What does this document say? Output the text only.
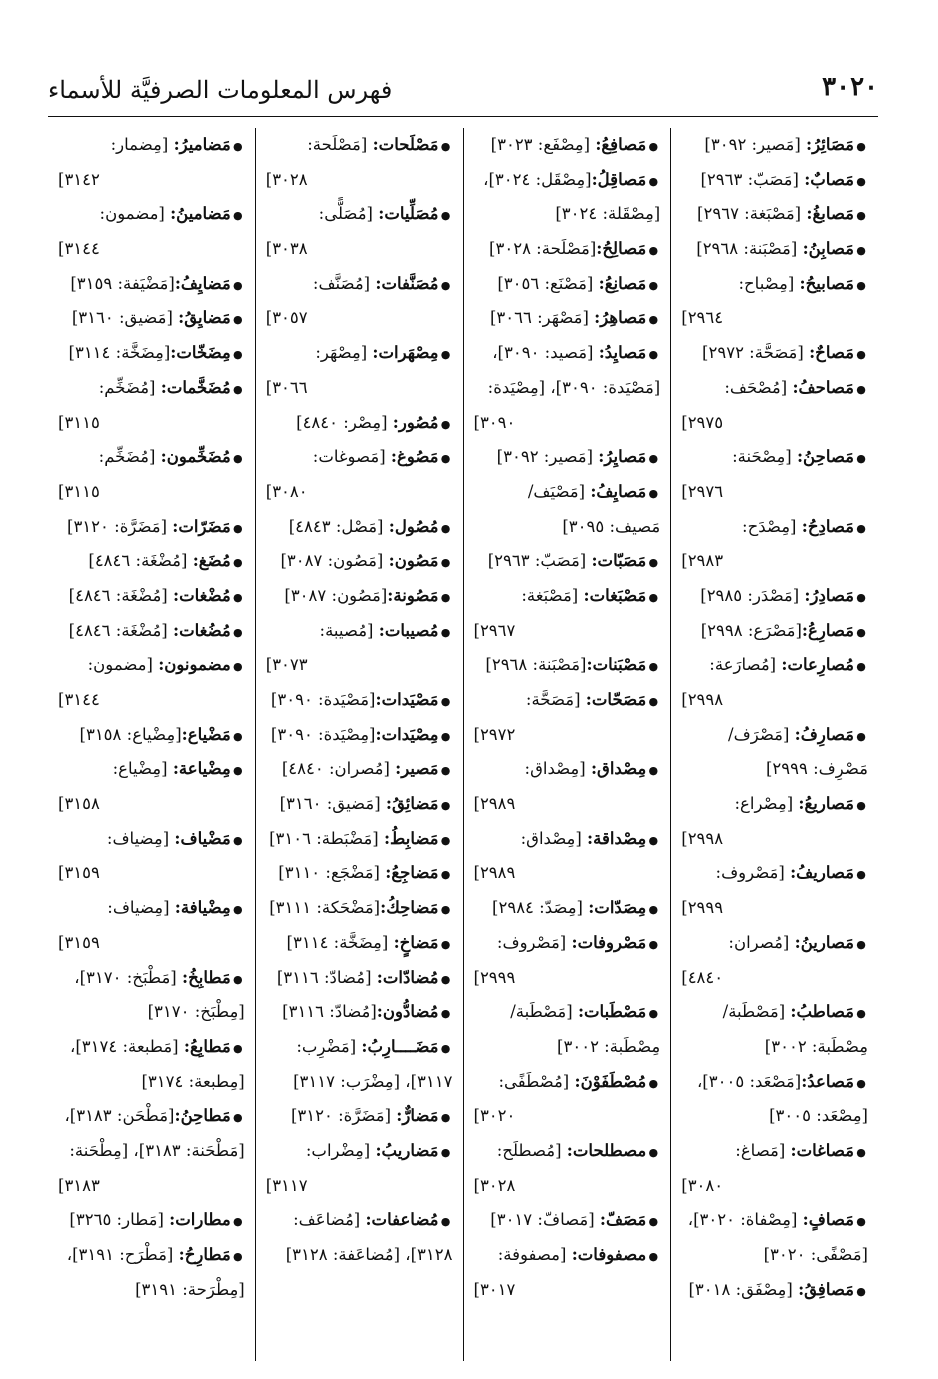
٣٠٢٠
فهرس المعلومات الصرفيَّة للأسماء
●مَصَائِرُ: [مَصير: ٣٠٩٢]
●مَصابٌ: [مَصَبّ: ٢٩٦٣]
●مَصابغُ: [مَصْبَغة: ٢٩٦٧]
●مَصابِنُ: [مَصْبَنة: ٢٩٦٨]
●مَصابيحُ: [مِصْباح:
٢٩٦٤]
●مَصاحٌ: [مَصَحَّة: ٢٩٧٢]
●مَصاحفُ: [مُصْحَف:
٢٩٧٥]
●مَصاحِنُ: [مِصْحَنة:
٢٩٧٦]
●مَصادِحُ: [مِصْدَح:
٢٩٨٣]
●مَصادِرُ: [مَصْدَر: ٢٩٨٥]
●مَصارِعُ:[مَصْرَع: ٢٩٩٨]
●مُصارِعات: [مُصارَعة:
٢٩٩٨]
●مَصارِفُ: [مَصْرَف/
مَصْرِف: ٢٩٩٩]
●مَصاريعُ: [مِصْراع:
٢٩٩٨]
●مَصاريفُ: [مَصْروف:
٢٩٩٩]
●مَصارينُ: [مُصران:
٤٨٤٠]
●مَصاطبُ: [مَصْطَبة/
مِصْطَبة: ٣٠٠٢]
●مَصاعدُ:[مَصْعَد: ٣٠٠٥]،
[مِصْعَد: ٣٠٠٥]
●مَصاغات: [مَصاغ:
٣٠٨٠]
●مَصافٍ: [مِصْفاة: ٣٠٢٠]،
[مَصْفًى: ٣٠٢٠]
●مَصافِقُ: [مِصْفَق: ٣٠١٨]
●مَصافِعُ: [مِصْفَع: ٣٠٢٣]
●مَصاقِلُ:[مِصْقَل: ٣٠٢٤]،
[مِصْقَلة: ٣٠٢٤]
●مَصالِحُ:[مَصْلَحة: ٣٠٢٨]
●مَصانِعُ: [مَصْنَع: ٣٠٥٦]
●مَصاهِرُ: [مَصْهَر: ٣٠٦٦]
●مَصايِدُ: [مَصيد: ٣٠٩٠]،
[مَصْيَدة: ٣٠٩٠]، [مِصْيَدة:
٣٠٩٠]
●مَصايِرُ: [مَصير: ٣٠٩٢]
●مَصايِفُ: [مَصْيَف/
مَصيف: ٣٠٩٥]
●مَصَبّات: [مَصَبّ: ٢٩٦٣]
●مَصْبَغات: [مَصْبَغة:
٢٩٦٧]
●مَصْبَنات:[مَصْبَنة: ٢٩٦٨]
●مَصَحّات: [مَصَحَّة:
٢٩٧٢]
●مِصْداق: [مِصْداق:
٢٩٨٩]
●مِصْداقة: [مِصْداق:
٢٩٨٩]
●مِصَدّات: [مِصَدّ: ٢٩٨٤]
●مَصْروفات: [مَصْروف:
٢٩٩٩]
●مَصْطَبات: [مَصْطَبة/
مِصْطَبة: ٣٠٠٢]
●مُصْطَفَوْنَ: [مُصْطَفًى:
٣٠٢٠]
●مصطلحات: [مُصطلَح:
٣٠٢٨]
●مَصَفّ: [مَصافّ: ٣٠١٧]
●مصفوفات: [مصفوفة:
٣٠١٧]
●مَصْلَحات: [مَصْلَحة:
٣٠٢٨]
●مُصَلِّيات: [مُصَلًّى:
٣٠٣٨]
●مُصَنَّفات: [مُصَنَّف:
٣٠٥٧]
●مِصْهَرات: [مِصْهَر:
٣٠٦٦]
●مُصُور: [مِصْر: ٤٨٤٠]
●مَصُوغ: [مَصوغات:
٣٠٨٠]
●مُصُول: [مَصْل: ٤٨٤٣]
●مَصُون: [مَصُون: ٣٠٨٧]
●مَصُونة:[مَصُون: ٣٠٨٧]
●مُصيبات: [مُصيبة:
٣٠٧٣]
●مَصْيَدات:[مَصْيَدة: ٣٠٩٠]
●مِصْيَدات:[مِصْيَدة: ٣٠٩٠]
●مَصير: [مُصران: ٤٨٤٠]
●مَضائِقُ: [مَضيق: ٣١٦٠]
●مَضابِطُ: [مَضْبَطة: ٣١٠٦]
●مَضاجِعُ: [مَضْجَع: ٣١١٠]
●مَضاحِكُ:[مَضْحَكة: ٣١١١]
●مَضاخٍ: [مِضَخَّة: ٣١١٤]
●مُضادّات: [مُضادّ: ٣١١٦]
●مُضادُّون:[مُضادّ: ٣١١٦]
●مَضَــــارِبُ: [مَضْرِب:
٣١١٧]، [مِضْرَب: ٣١١٧]
●مَضارٌّ: [مَضَرَّة: ٣١٢٠]
●مَضاريبُ: [مِضْراب:
٣١١٧]
●مُضاعفات: [مُضاعَف:
٣١٢٨]، [مُضاعَفة: ٣١٢٨]
●مَضاميرُ: [مِضمار:
٣١٤٢]
●مَضامينُ: [مضمون:
٣١٤٤]
●مَضايِفُ:[مَضْيَفة: ٣١٥٩]
●مَضايِقُ: [مَضيق: ٣١٦٠]
●مِضَخّات:[مِضَخَّة: ٣١١٤]
●مُضَخَّمات: [مُضَخِّم:
٣١١٥]
●مُضَخِّمون: [مُضَخِّم:
٣١١٥]
●مَضَرّات: [مَضَرَّة: ٣١٢٠]
●مُضَغ: [مُضْغَة: ٤٨٤٦]
●مُضْغات: [مُضْغَة: ٤٨٤٦]
●مُضُغات: [مُضْغَة: ٤٨٤٦]
●مضمونون: [مضمون:
٣١٤٤]
●مَضْياع:[مِضْياع: ٣١٥٨]
●مِضْياعة: [مِضْياع:
٣١٥٨]
●مَضْياف: [مِضياف:
٣١٥٩]
●مِضْيافة: [مِضياف:
٣١٥٩]
●مَطابِخُ: [مَطْبَخ: ٣١٧٠]،
[مِطْبَخ: ٣١٧٠]
●مَطابِعُ: [مَطبعة: ٣١٧٤]،
[مِطبعة: ٣١٧٤]
●مَطاحِنُ:[مَطْحَن: ٣١٨٣]،
[مَطْحَنة: ٣١٨٣]، [مِطْحَنة:
٣١٨٣]
●مطارات: [مَطار: ٣٢٦٥]
●مَطارِحُ: [مَطْرَح: ٣١٩١]،
[مِطْرَحة: ٣١٩١]
